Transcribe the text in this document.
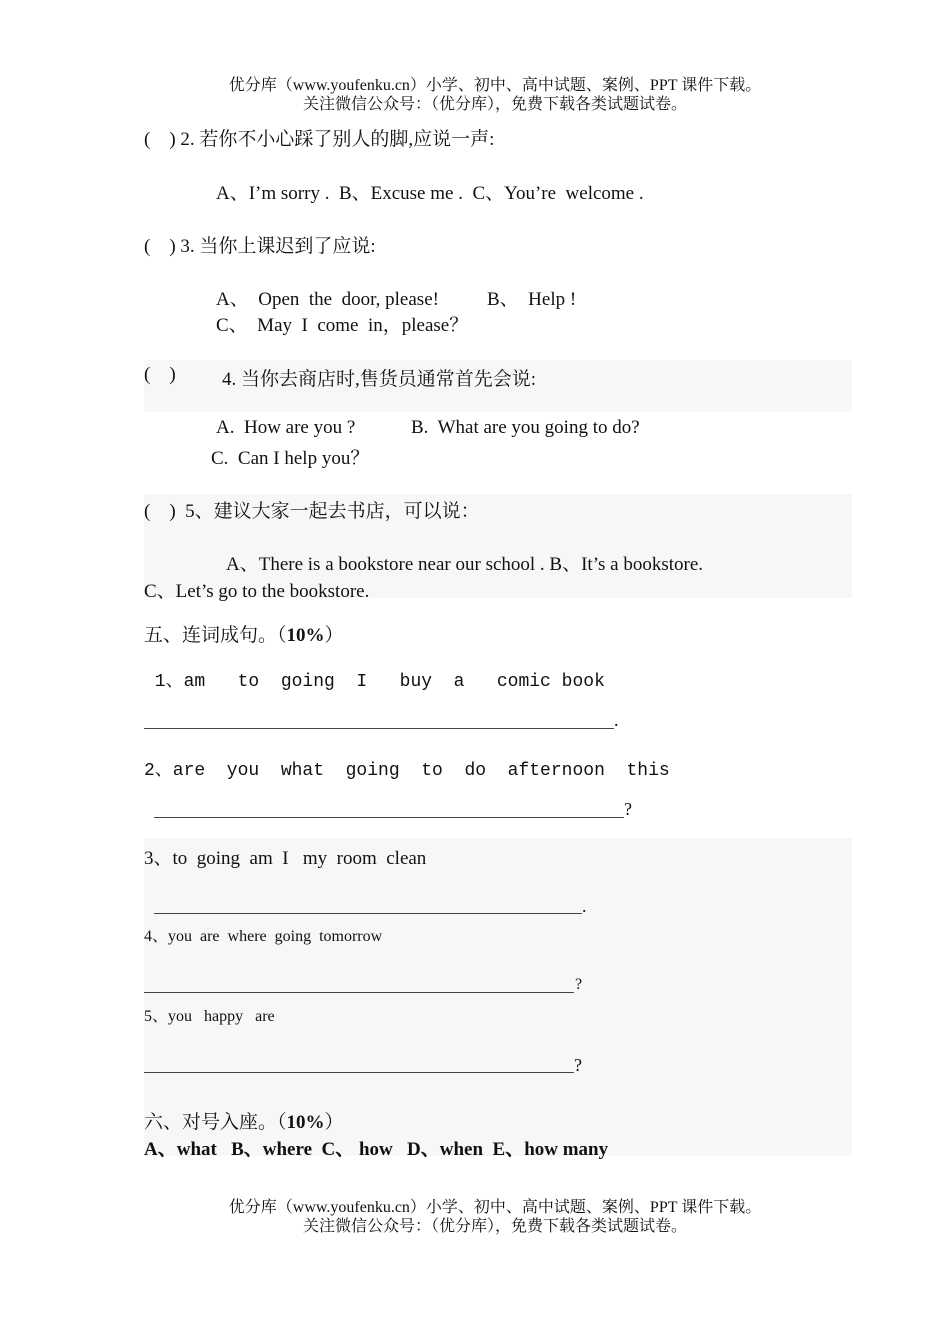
优分库（www.youfenku.cn）小学、初中、高中试题、案例、PPT 课件下载。
关注微信公众号：（优分库），免费下载各类试题试卷。
(    ) 2. 若你不小心踩了别人的脚,应说一声:
A、I’m sorry .  B、Excuse me .  C、You’re  welcome .
(    ) 3. 当你上课迟到了应说:
A、  Open  the  door, please!	B、  Help !
C、  May  I  come  in，please？
(    ) 4. 当你去商店时,售货员通常首先会说:
A.  How are you ?	B.  What are you going to do?
C.  Can I help you？
(    )  5、建议大家一起去书店，可以说：
A、There is a bookstore near our school . B、It’s a bookstore.
C、Let’s go to the bookstore.
五、连词成句。（10%）
1、am   to  going  I   buy  a   comic book
.
2、are  you  what  going  to  do  afternoon  this
?
3、to  going  am  I   my  room  clean
.
4、you  are  where  going  tomorrow
?
5、you   happy   are
?
六、对号入座。（10%）
A、what   B、where  C、 how   D、when  E、how many
优分库（www.youfenku.cn）小学、初中、高中试题、案例、PPT 课件下载。
关注微信公众号：（优分库），免费下载各类试题试卷。
